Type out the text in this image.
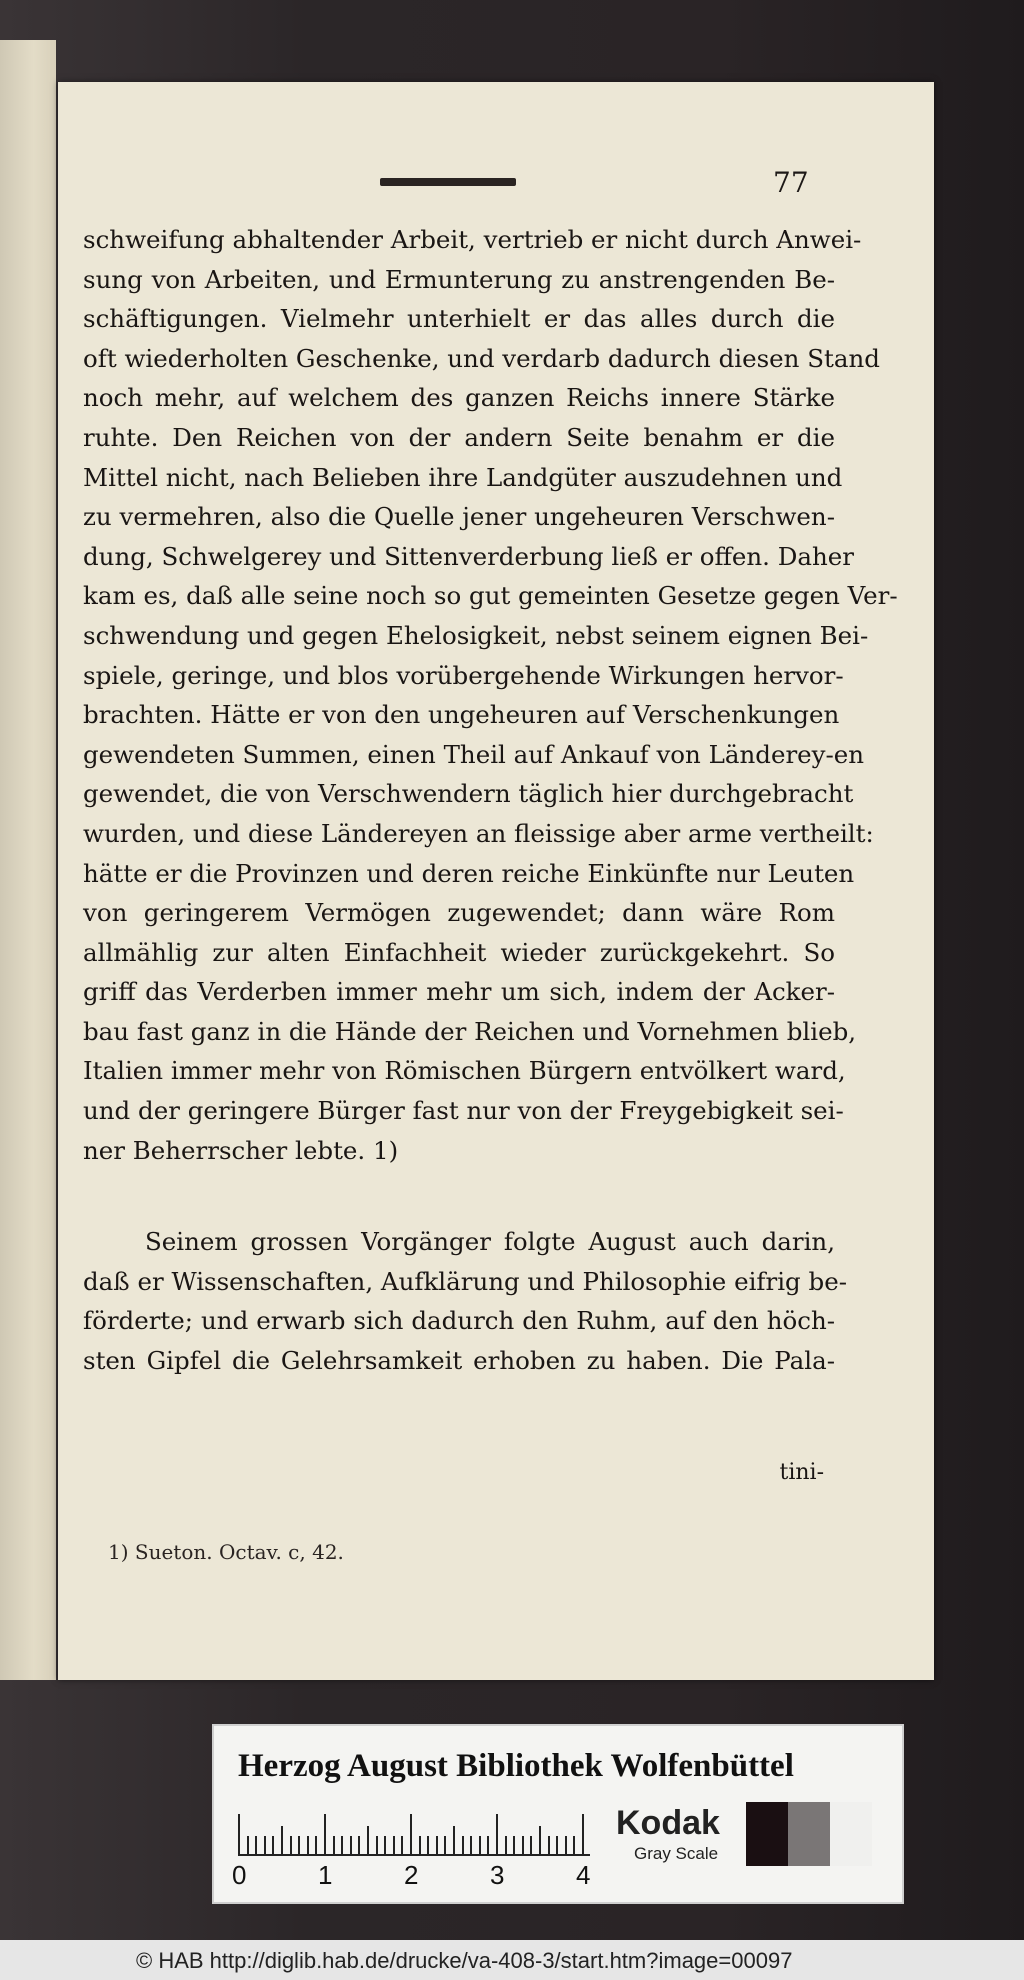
77
schweifung abhaltender Arbeit, vertrieb er nicht durch Anwei-
sung von Arbeiten, und Ermunterung zu anstrengenden Be-
schäftigungen. Vielmehr unterhielt er das alles durch die
oft wiederholten Geschenke, und verdarb dadurch diesen Stand
noch mehr, auf welchem des ganzen Reichs innere Stärke
ruhte. Den Reichen von der andern Seite benahm er die
Mittel nicht, nach Belieben ihre Landgüter auszudehnen und
zu vermehren, also die Quelle jener ungeheuren Verschwen-
dung, Schwelgerey und Sittenverderbung ließ er offen. Daher
kam es, daß alle seine noch so gut gemeinten Gesetze gegen Ver-
schwendung und gegen Ehelosigkeit, nebst seinem eignen Bei-
spiele, geringe, und blos vorübergehende Wirkungen hervor-
brachten. Hätte er von den ungeheuren auf Verschenkungen
gewendeten Summen, einen Theil auf Ankauf von Länderey-en
gewendet, die von Verschwendern täglich hier durchgebracht
wurden, und diese Ländereyen an fleissige aber arme vertheilt:
hätte er die Provinzen und deren reiche Einkünfte nur Leuten
von geringerem Vermögen zugewendet; dann wäre Rom
allmählig zur alten Einfachheit wieder zurückgekehrt. So
griff das Verderben immer mehr um sich, indem der Acker-
bau fast ganz in die Hände der Reichen und Vornehmen blieb,
Italien immer mehr von Römischen Bürgern entvölkert ward,
und der geringere Bürger fast nur von der Freygebigkeit sei-
ner Beherrscher lebte. 1)
Seinem grossen Vorgänger folgte August auch darin,
daß er Wissenschaften, Aufklärung und Philosophie eifrig be-
förderte; und erwarb sich dadurch den Ruhm, auf den höch-
sten Gipfel die Gelehrsamkeit erhoben zu haben. Die Pala-
tini-
1) Sueton. Octav. c, 42.
Herzog August Bibliothek Wolfenbüttel
0	1	2	3	4
Kodak
Gray Scale
© HAB http://diglib.hab.de/drucke/va-408-3/start.htm?image=00097
